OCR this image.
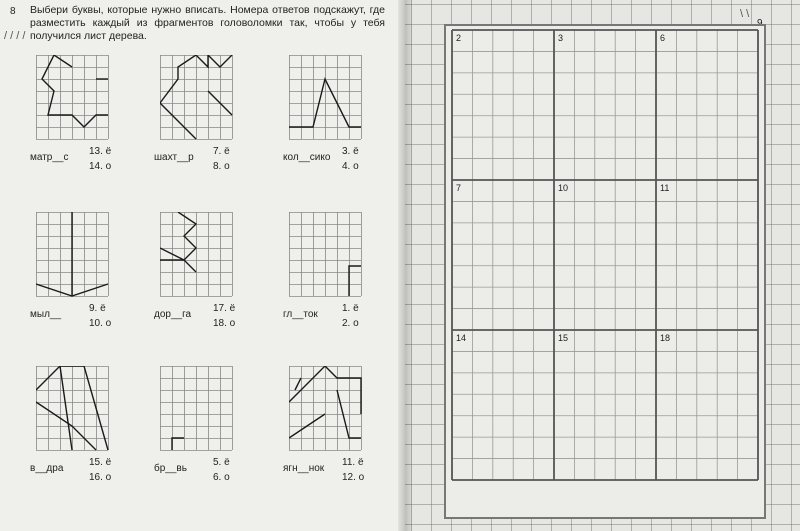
8
/ / / /
Выбери буквы, которые нужно вписать. Номера ответов подскажут, где разместить каждый из фрагментов головоломки так, чтобы у тебя получился лист дерева.
\ \
матр__с
13. ё
14. о
шахт__р
7. ё
8. о
кол__сико
3. ё
4. о
мыл__
9. ё
10. о
дор__га
17. ё
18. о
гл__ток
1. ё
2. о
в__дра
15. ё
16. о
бр__вь
5. ё
6. о
ягн__нок
11. ё
12. о
2	3	6
7	10	11
14	15	18
